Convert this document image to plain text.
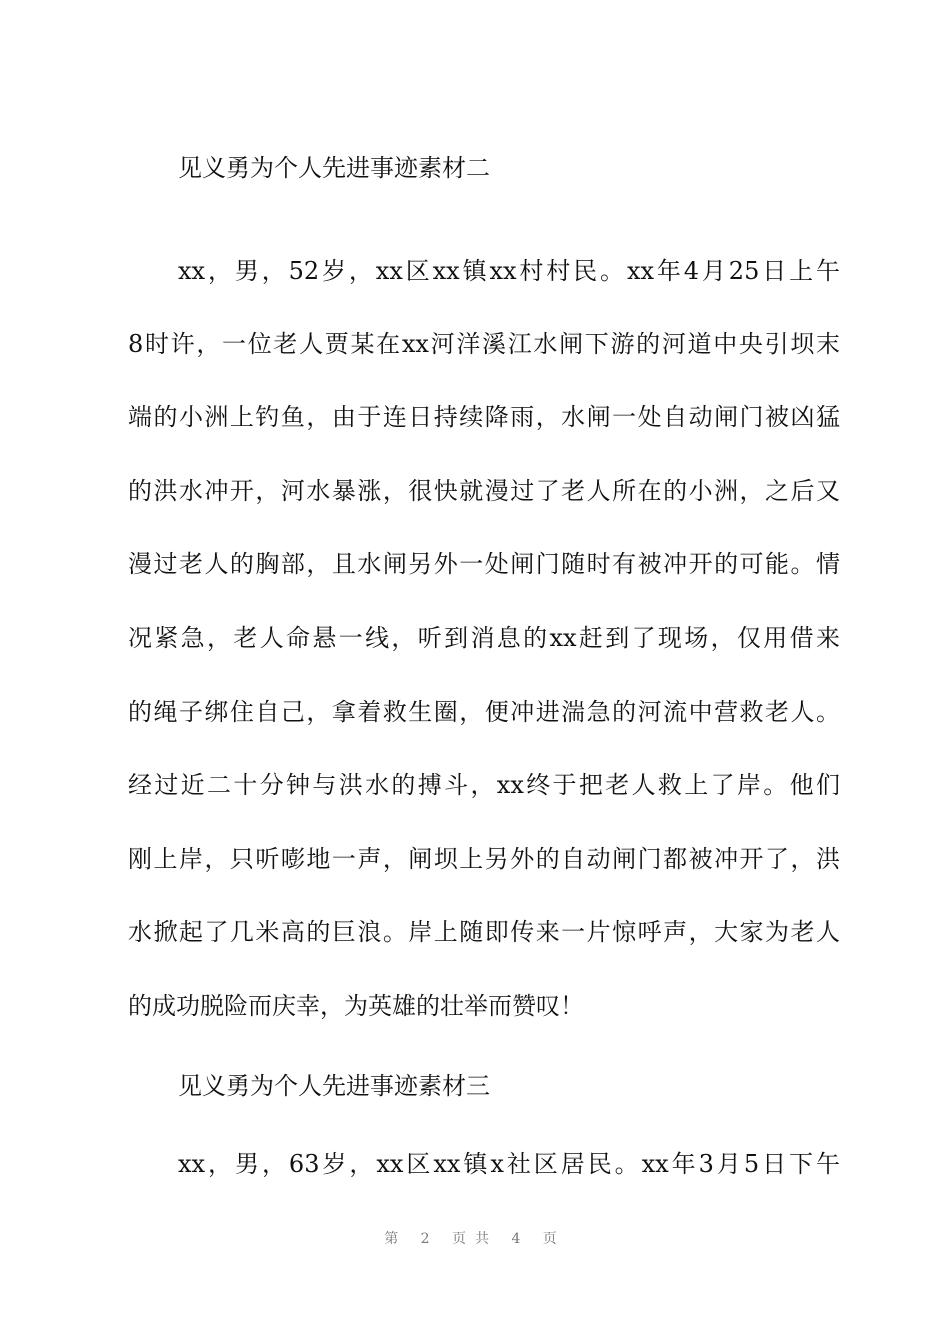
见义勇为个人先进事迹素材二
xx，男，52岁，xx区xx镇xx村村民。xx年4月25日上午
8时许，一位老人贾某在xx河洋溪江水闸下游的河道中央引坝末
端的小洲上钓鱼，由于连日持续降雨，水闸一处自动闸门被凶猛
的洪水冲开，河水暴涨，很快就漫过了老人所在的小洲，之后又
漫过老人的胸部，且水闸另外一处闸门随时有被冲开的可能。情
况紧急，老人命悬一线，听到消息的xx赶到了现场，仅用借来
的绳子绑住自己，拿着救生圈，便冲进湍急的河流中营救老人。
经过近二十分钟与洪水的搏斗，xx终于把老人救上了岸。他们
刚上岸，只听嘭地一声，闸坝上另外的自动闸门都被冲开了，洪
水掀起了几米高的巨浪。岸上随即传来一片惊呼声，大家为老人
的成功脱险而庆幸，为英雄的壮举而赞叹！
见义勇为个人先进事迹素材三
xx，男，63岁，xx区xx镇x社区居民。xx年3月5日下午
第 2 页共 4 页
